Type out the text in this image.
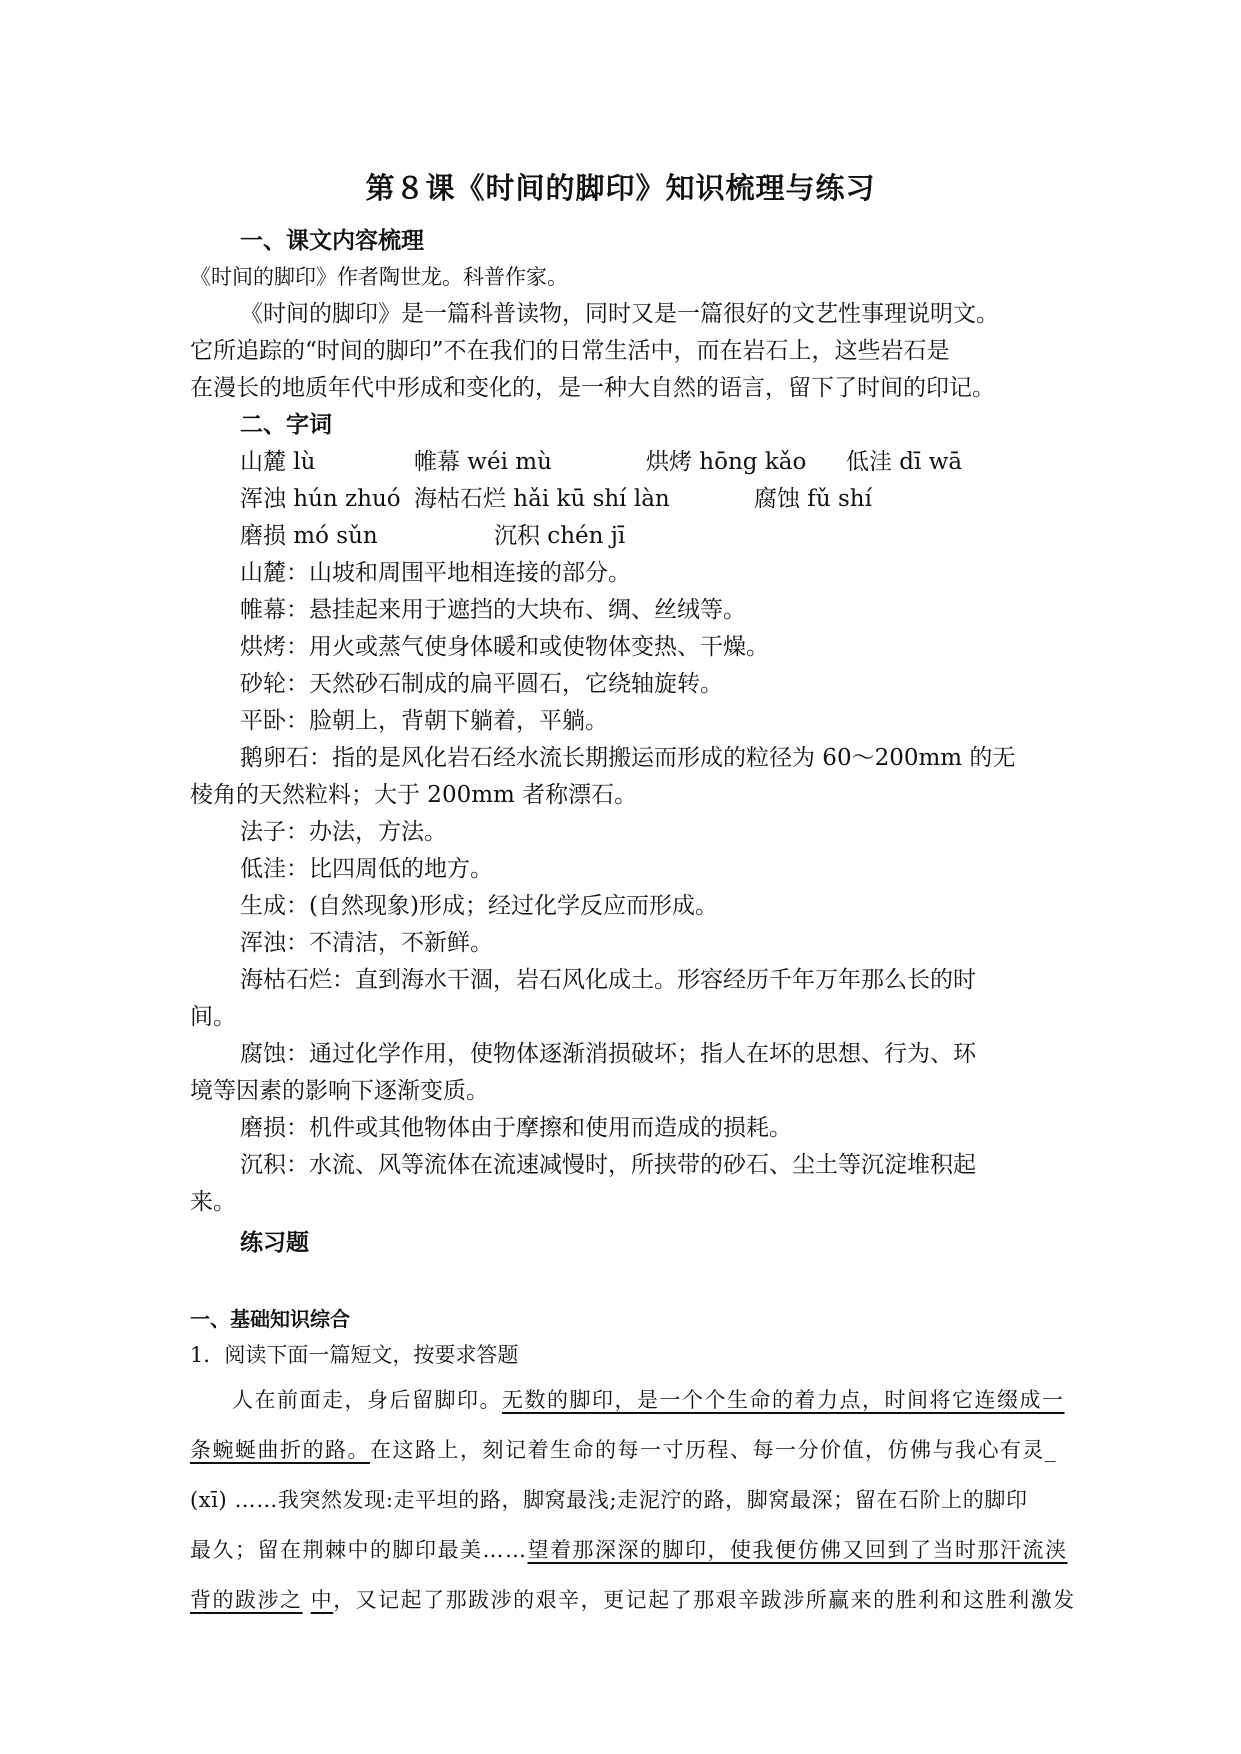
第８课《时间的脚印》知识梳理与练习
一、课文内容梳理
《时间的脚印》作者陶世龙。科普作家。
《时间的脚印》是一篇科普读物，同时又是一篇很好的文艺性事理说明文。
它所追踪的“时间的脚印”不在我们的日常生活中，而在岩石上，这些岩石是
在漫长的地质年代中形成和变化的，是一种大自然的语言，留下了时间的印记。
二、字词
山麓 lù	帷幕 wéi mù	烘烤 hōng kǎo 低洼 dī wā
浑浊 hún zhuó 海枯石烂 hǎi kū shí làn	腐蚀 fǔ shí
磨损 mó sǔn	沉积 chén jī
山麓：山坡和周围平地相连接的部分。
帷幕：悬挂起来用于遮挡的大块布、绸、丝绒等。
烘烤：用火或蒸气使身体暖和或使物体变热、干燥。
砂轮：天然砂石制成的扁平圆石，它绕轴旋转。
平卧：脸朝上，背朝下躺着，平躺。
鹅卵石：指的是风化岩石经水流长期搬运而形成的粒径为 60～200mm 的无
棱角的天然粒料；大于 200mm 者称漂石。
法子：办法，方法。
低洼：比四周低的地方。
生成：(自然现象)形成；经过化学反应而形成。
浑浊：不清洁，不新鲜。
海枯石烂：直到海水干涸，岩石风化成土。形容经历千年万年那么长的时
间。
腐蚀：通过化学作用，使物体逐渐消损破坏；指人在坏的思想、行为、环
境等因素的影响下逐渐变质。
磨损：机件或其他物体由于摩擦和使用而造成的损耗。
沉积：水流、风等流体在流速减慢时，所挟带的砂石、尘土等沉淀堆积起
来。
练习题
一、基础知识综合
1．阅读下面一篇短文，按要求答题
人在前面走，身后留脚印。无数的脚印，是一个个生命的着力点，时间将它连缀成一
条蜿蜒曲折的路。在这路上，刻记着生命的每一寸历程、每一分价值，仿佛与我心有灵_
(xī) ……我突然发现:走平坦的路，脚窝最浅;走泥泞的路，脚窝最深；留在石阶上的脚印
最久；留在荆棘中的脚印最美……望着那深深的脚印，使我便仿佛又回到了当时那汗流浃
背的跋涉之 中，又记起了那跋涉的艰辛，更记起了那艰辛跋涉所赢来的胜利和这胜利激发
